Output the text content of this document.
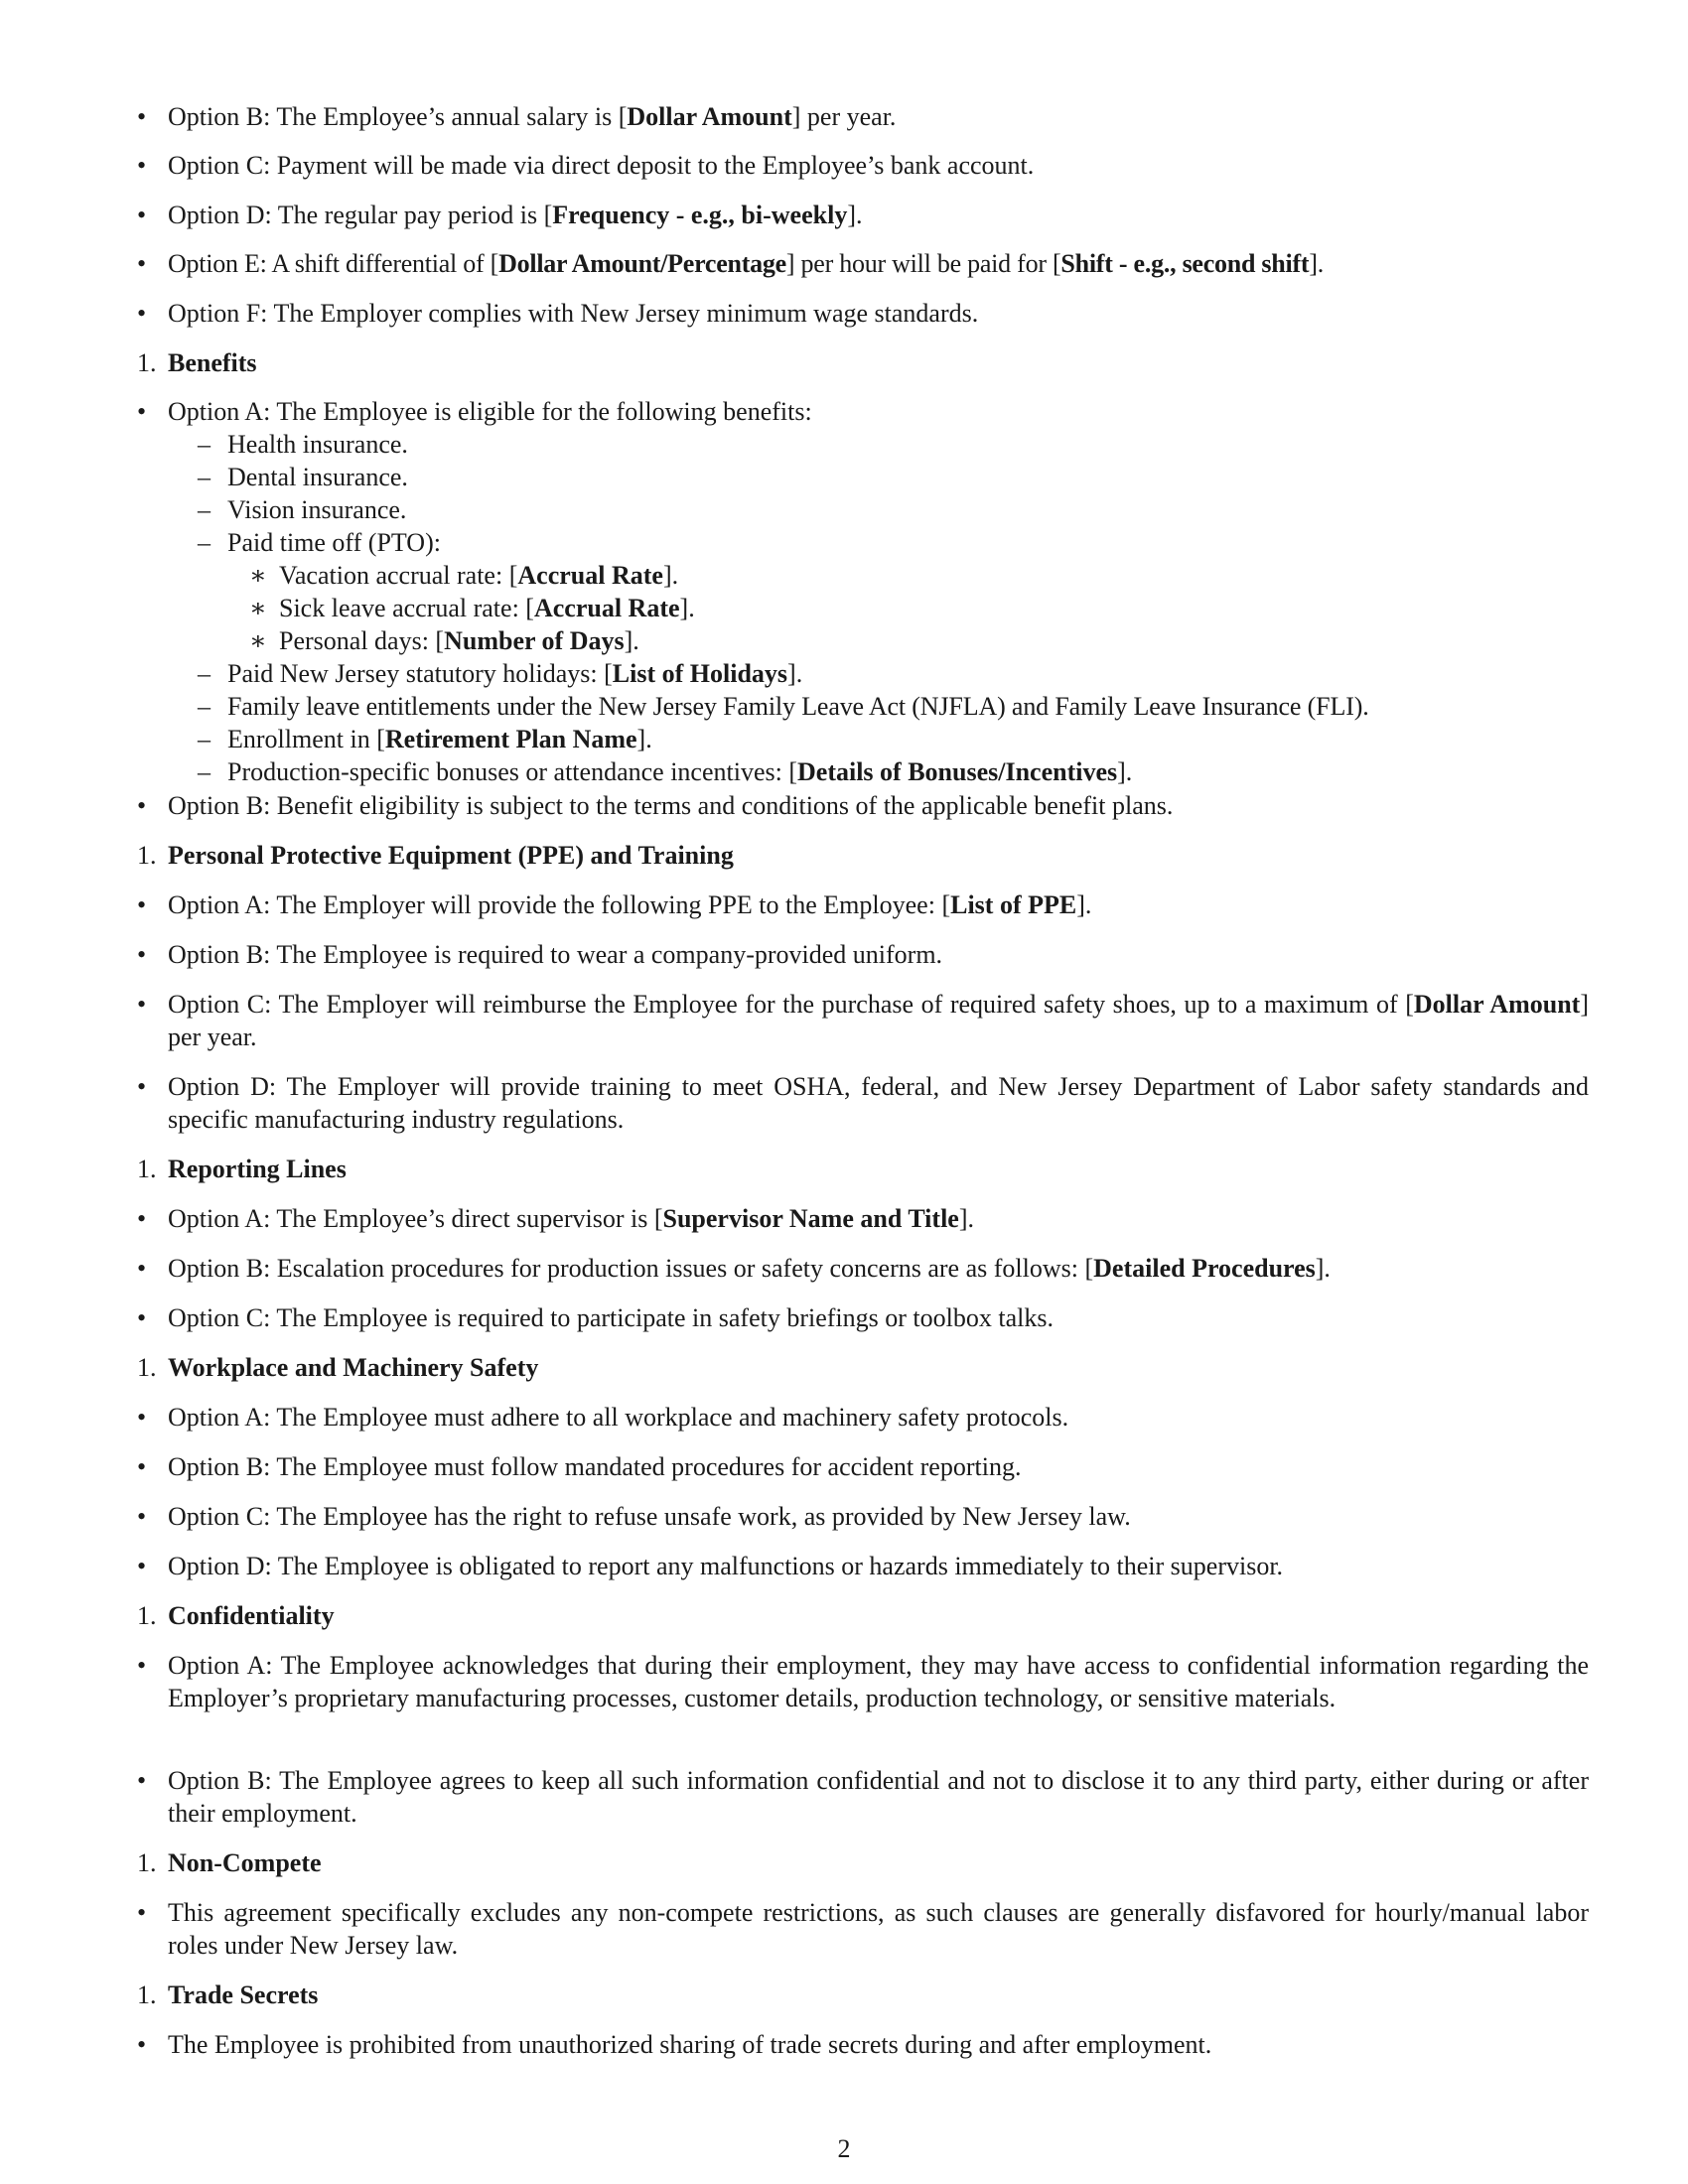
• Option B: The Employee’s annual salary is [Dollar Amount] per year.
• Option C: Payment will be made via direct deposit to the Employee’s bank account.
• Option D: The regular pay period is [Frequency - e.g., bi-weekly].
• Option E: A shift differential of [Dollar Amount/Percentage] per hour will be paid for [Shift - e.g., second shift].
• Option F: The Employer complies with New Jersey minimum wage standards.
1. Benefits
• Option A: The Employee is eligible for the following benefits:
– Health insurance.
– Dental insurance.
– Vision insurance.
– Paid time off (PTO):
∗ Vacation accrual rate: [Accrual Rate].
∗ Sick leave accrual rate: [Accrual Rate].
∗ Personal days: [Number of Days].
– Paid New Jersey statutory holidays: [List of Holidays].
– Family leave entitlements under the New Jersey Family Leave Act (NJFLA) and Family Leave Insurance (FLI).
– Enrollment in [Retirement Plan Name].
– Production-specific bonuses or attendance incentives: [Details of Bonuses/Incentives].
• Option B: Benefit eligibility is subject to the terms and conditions of the applicable benefit plans.
1. Personal Protective Equipment (PPE) and Training
• Option A: The Employer will provide the following PPE to the Employee: [List of PPE].
• Option B: The Employee is required to wear a company-provided uniform.
• Option C: The Employer will reimburse the Employee for the purchase of required safety shoes, up to a maximum of [Dollar Amount] per year.
• Option D: The Employer will provide training to meet OSHA, federal, and New Jersey Department of Labor safety standards and specific manufacturing industry regulations.
1. Reporting Lines
• Option A: The Employee’s direct supervisor is [Supervisor Name and Title].
• Option B: Escalation procedures for production issues or safety concerns are as follows: [Detailed Procedures].
• Option C: The Employee is required to participate in safety briefings or toolbox talks.
1. Workplace and Machinery Safety
• Option A: The Employee must adhere to all workplace and machinery safety protocols.
• Option B: The Employee must follow mandated procedures for accident reporting.
• Option C: The Employee has the right to refuse unsafe work, as provided by New Jersey law.
• Option D: The Employee is obligated to report any malfunctions or hazards immediately to their supervisor.
1. Confidentiality
• Option A: The Employee acknowledges that during their employment, they may have access to confidential information regarding the Employer’s proprietary manufacturing processes, customer details, production technology, or sensitive materials.
• Option B: The Employee agrees to keep all such information confidential and not to disclose it to any third party, either during or after their employment.
1. Non-Compete
• This agreement specifically excludes any non-compete restrictions, as such clauses are generally disfavored for hourly/manual labor roles under New Jersey law.
1. Trade Secrets
• The Employee is prohibited from unauthorized sharing of trade secrets during and after employment.
2
